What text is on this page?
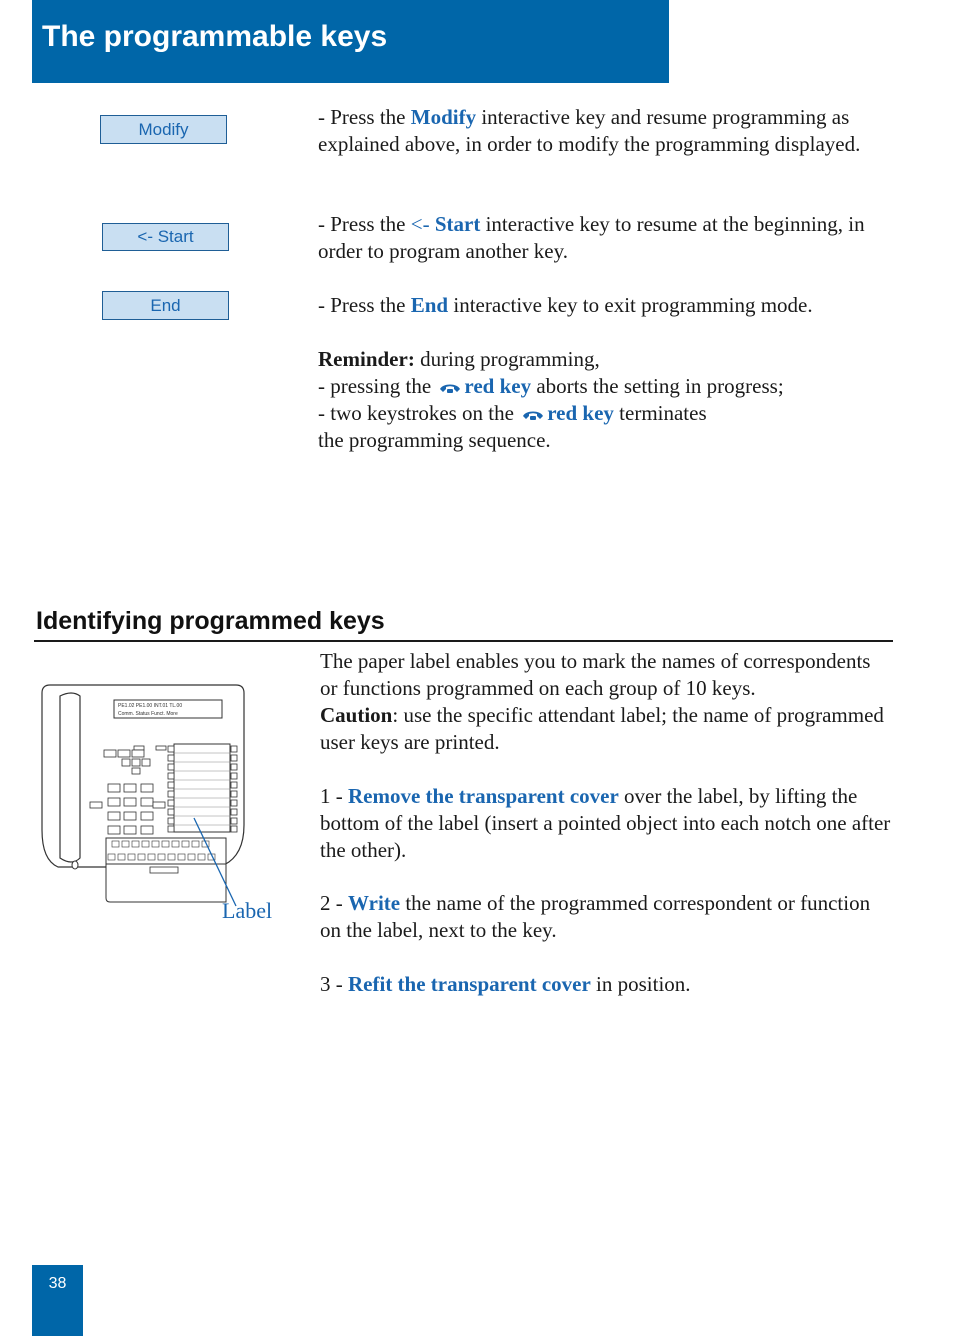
The programmable keys
Modify
<- Start
End

- Press the Modify interactive key and resume programming as explained above, in order to modify the programming displayed.

- Press the <- Start interactive key to resume at the beginning, in order to program another key.

- Press the End interactive key to exit programming mode.

Reminder: during programming,
- pressing the red key aborts the setting in progress;
- two keystrokes on the red key terminates
the programming sequence.
Identifying programmed keys
The paper label enables you to mark the names of correspondents or functions programmed on each group of 10 keys.
Caution: use the specific attendant label; the name of programmed user keys are printed.

1 - Remove the transparent cover over the label, by lifting the bottom of the label (insert a pointed object into each notch one after the other).

2 - Write the name of the programmed correspondent or function on the label, next to the key.

3 - Refit the transparent cover in position.

PE1.02 PE1.00 INT.01 TL.00
Comm. Status Funct. More
Label
38
